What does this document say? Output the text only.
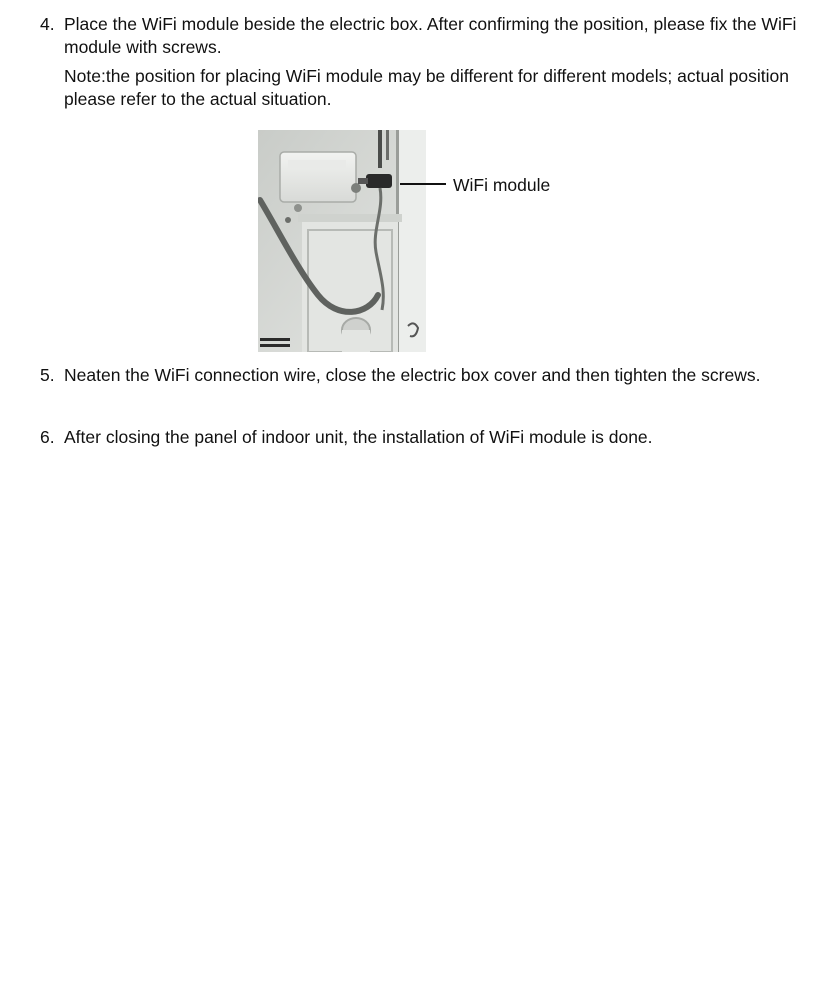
4. Place the WiFi module beside the electric box. After confirming the position, please fix the WiFi module with screws.
Note:the position for placing WiFi module may be different for different models; actual position please refer to the actual situation.
WiFi module
5. Neaten the WiFi connection wire, close the electric box cover and then tighten the screws.
6. After closing the panel of indoor unit, the installation of WiFi module is done.
